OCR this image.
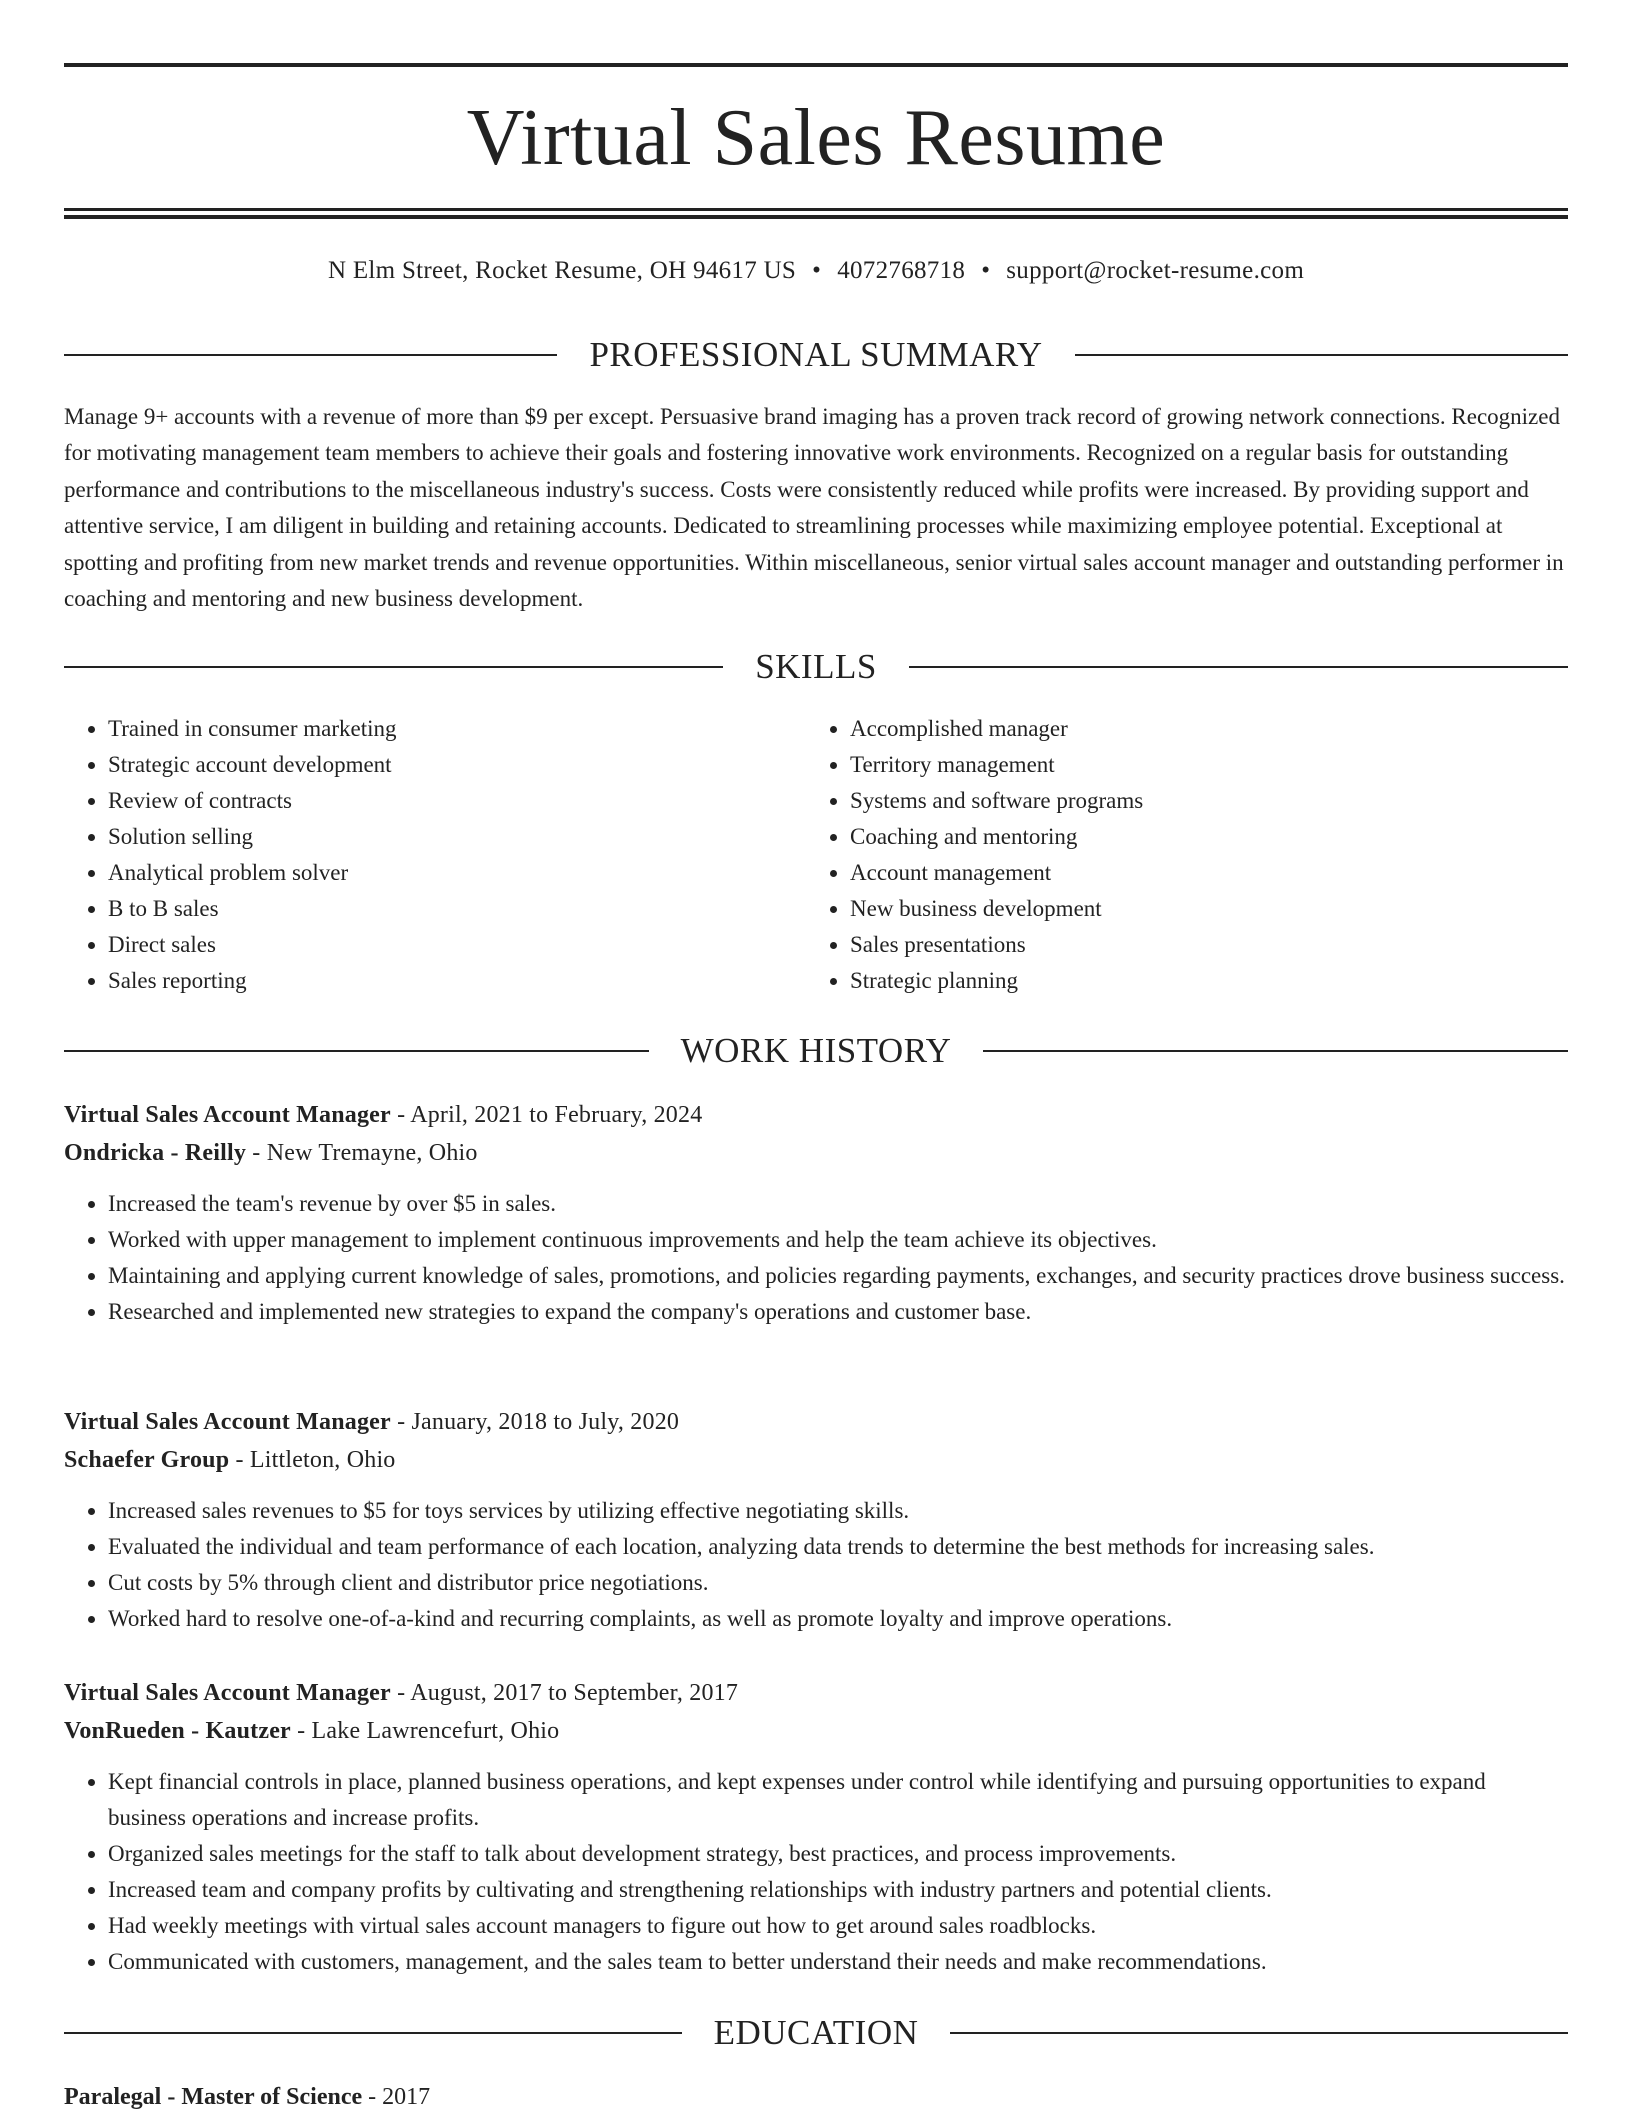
Virtual Sales Resume
N Elm Street, Rocket Resume, OH 94617 US • 4072768718 • support@rocket-resume.com
PROFESSIONAL SUMMARY

Manage 9+ accounts with a revenue of more than $9 per except. Persuasive brand imaging has a proven track record of growing network connections. Recognized for motivating management team members to achieve their goals and fostering innovative work environments. Recognized on a regular basis for outstanding performance and contributions to the miscellaneous industry's success. Costs were consistently reduced while profits were increased. By providing support and attentive service, I am diligent in building and retaining accounts. Dedicated to streamlining processes while maximizing employee potential. Exceptional at spotting and profiting from new market trends and revenue opportunities. Within miscellaneous, senior virtual sales account manager and outstanding performer in coaching and mentoring and new business development.

SKILLS
• Trained in consumer marketing
• Strategic account development
• Review of contracts
• Solution selling
• Analytical problem solver
• B to B sales
• Direct sales
• Sales reporting
• Accomplished manager
• Territory management
• Systems and software programs
• Coaching and mentoring
• Account management
• New business development
• Sales presentations
• Strategic planning
WORK HISTORY
Virtual Sales Account Manager - April, 2021 to February, 2024
Ondricka - Reilly - New Tremayne, Ohio
• Increased the team's revenue by over $5 in sales.
• Worked with upper management to implement continuous improvements and help the team achieve its objectives.
• Maintaining and applying current knowledge of sales, promotions, and policies regarding payments, exchanges, and security practices drove business success.
• Researched and implemented new strategies to expand the company's operations and customer base.
Virtual Sales Account Manager - January, 2018 to July, 2020
Schaefer Group - Littleton, Ohio
• Increased sales revenues to $5 for toys services by utilizing effective negotiating skills.
• Evaluated the individual and team performance of each location, analyzing data trends to determine the best methods for increasing sales.
• Cut costs by 5% through client and distributor price negotiations.
• Worked hard to resolve one-of-a-kind and recurring complaints, as well as promote loyalty and improve operations.
Virtual Sales Account Manager - August, 2017 to September, 2017
VonRueden - Kautzer - Lake Lawrencefurt, Ohio
• Kept financial controls in place, planned business operations, and kept expenses under control while identifying and pursuing opportunities to expand business operations and increase profits.
• Organized sales meetings for the staff to talk about development strategy, best practices, and process improvements.
• Increased team and company profits by cultivating and strengthening relationships with industry partners and potential clients.
• Had weekly meetings with virtual sales account managers to figure out how to get around sales roadblocks.
• Communicated with customers, management, and the sales team to better understand their needs and make recommendations.
EDUCATION
Paralegal - Master of Science - 2017
